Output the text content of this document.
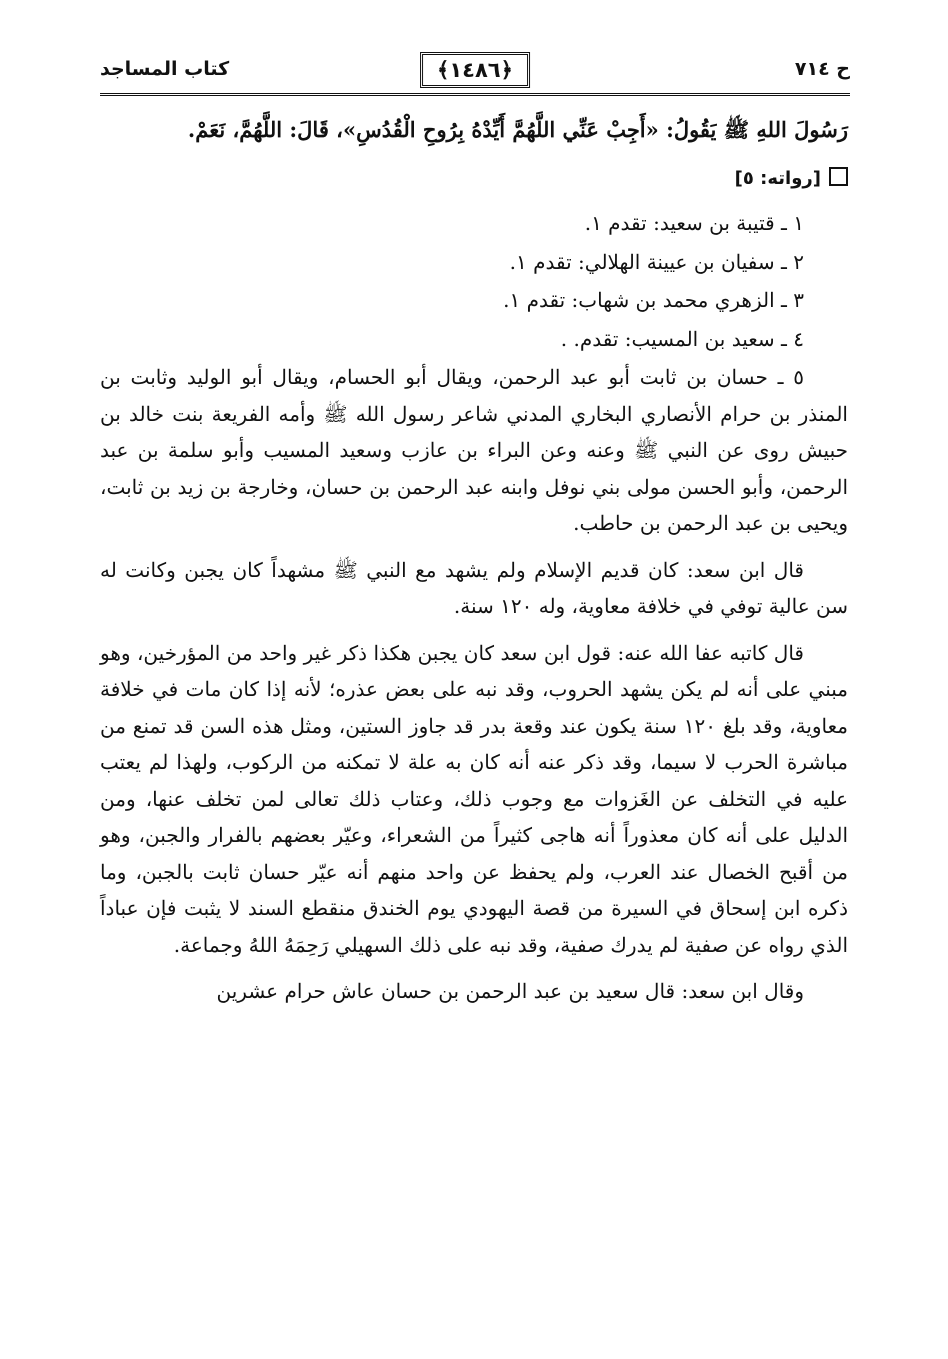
ح ٧١٤
﴿١٤٨٦﴾
كتاب المساجد

رَسُولَ اللهِ ﷺ يَقُولُ: «أَجِبْ عَنِّي اللَّهُمَّ أَيِّدْهُ بِرُوحِ الْقُدُسِ»، قَالَ: اللَّهُمَّ، نَعَمْ.

[رواته: ٥]

١ ـ قتيبة بن سعيد: تقدم ١.

٢ ـ سفيان بن عيينة الهلالي: تقدم ١.

٣ ـ الزهري محمد بن شهاب: تقدم ١.

٤ ـ سعيد بن المسيب: تقدم. .

٥ ـ حسان بن ثابت أبو عبد الرحمن، ويقال أبو الحسام، ويقال أبو الوليد وثابت بن المنذر بن حرام الأنصاري البخاري المدني شاعر رسول الله ﷺ وأمه الفريعة بنت خالد بن حبيش روى عن النبي ﷺ وعنه وعن البراء بن عازب وسعيد المسيب وأبو سلمة بن عبد الرحمن، وأبو الحسن مولى بني نوفل وابنه عبد الرحمن بن حسان، وخارجة بن زيد بن ثابت، ويحيى بن عبد الرحمن بن حاطب.

قال ابن سعد: كان قديم الإسلام ولم يشهد مع النبي ﷺ مشهداً كان يجبن وكانت له سن عالية توفي في خلافة معاوية، وله ١٢٠ سنة.

قال كاتبه عفا الله عنه: قول ابن سعد كان يجبن هكذا ذكر غير واحد من المؤرخين، وهو مبني على أنه لم يكن يشهد الحروب، وقد نبه على بعض عذره؛ لأنه إذا كان مات في خلافة معاوية، وقد بلغ ١٢٠ سنة يكون عند وقعة بدر قد جاوز الستين، ومثل هذه السن قد تمنع من مباشرة الحرب لا سيما، وقد ذكر عنه أنه كان به علة لا تمكنه من الركوب، ولهذا لم يعتب عليه في التخلف عن الغَزوات مع وجوب ذلك، وعتاب ذلك تعالى لمن تخلف عنها، ومن الدليل على أنه كان معذوراً أنه هاجى كثيراً من الشعراء، وعيّر بعضهم بالفرار والجبن، وهو من أقبح الخصال عند العرب، ولم يحفظ عن واحد منهم أنه عيّر حسان ثابت بالجبن، وما ذكره ابن إسحاق في السيرة من قصة اليهودي يوم الخندق منقطع السند لا يثبت فإن عباداً الذي رواه عن صفية لم يدرك صفية، وقد نبه على ذلك السهيلي رَحِمَهُ اللهُ وجماعة.

وقال ابن سعد: قال سعيد بن عبد الرحمن بن حسان عاش حرام عشرين
